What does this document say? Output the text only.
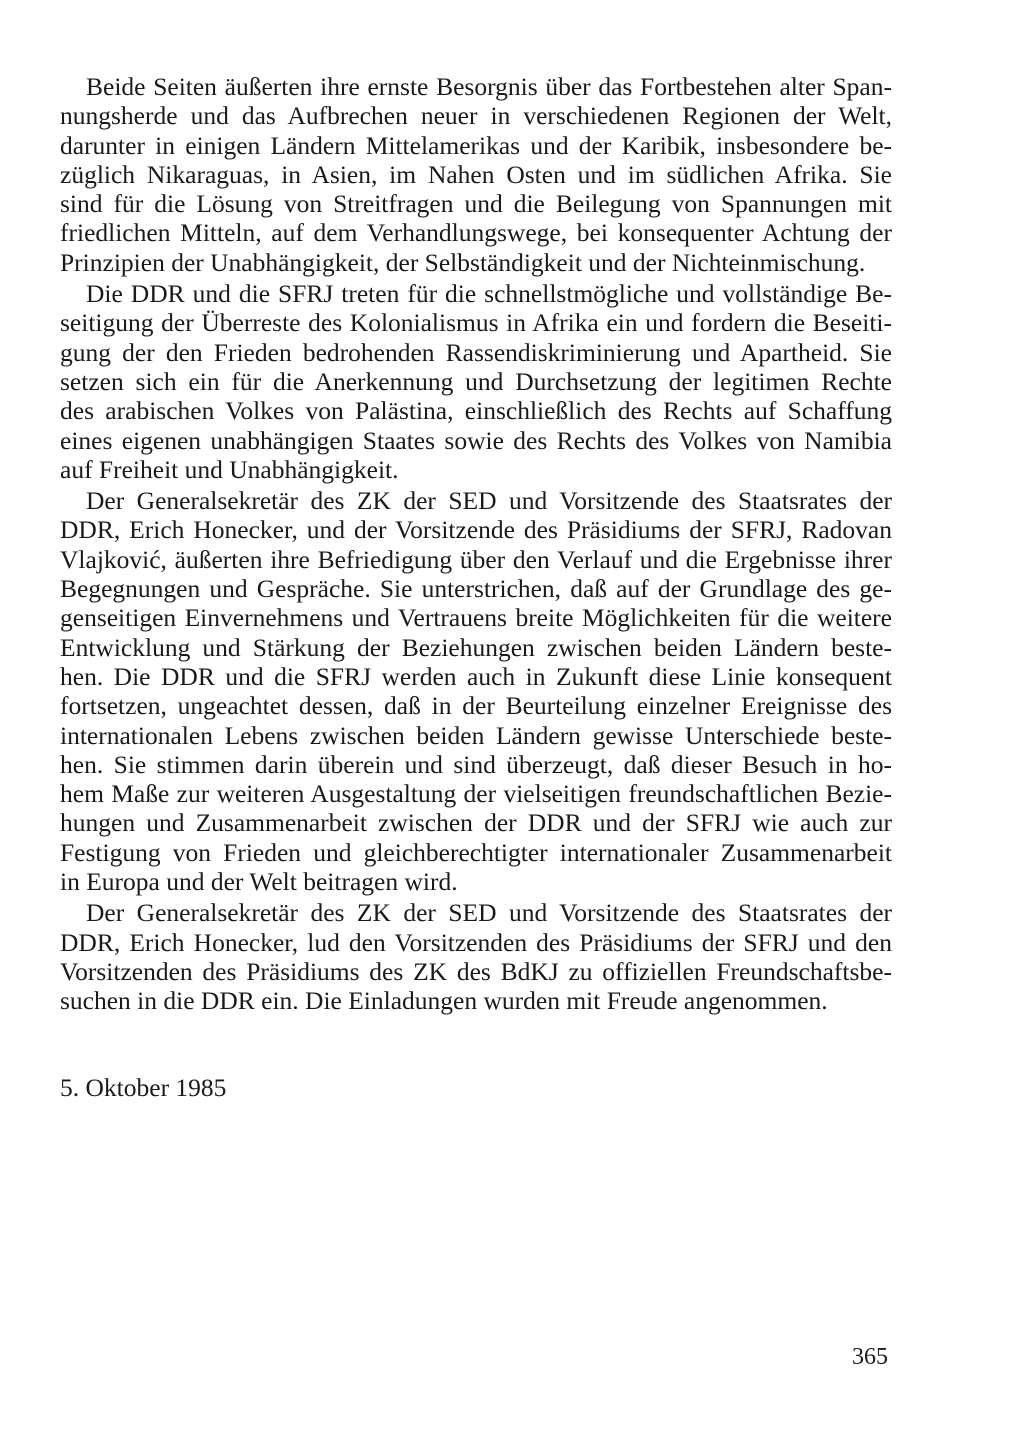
Beide Seiten äußerten ihre ernste Besorgnis über das Fortbestehen alter Span-
nungsherde und das Aufbrechen neuer in verschiedenen Regionen der Welt,
darunter in einigen Ländern Mittelamerikas und der Karibik, insbesondere be-
züglich Nikaraguas, in Asien, im Nahen Osten und im südlichen Afrika. Sie
sind für die Lösung von Streitfragen und die Beilegung von Spannungen mit
friedlichen Mitteln, auf dem Verhandlungswege, bei konsequenter Achtung der
Prinzipien der Unabhängigkeit, der Selbständigkeit und der Nichteinmischung.

Die DDR und die SFRJ treten für die schnellstmögliche und vollständige Be-
seitigung der Überreste des Kolonialismus in Afrika ein und fordern die Beseiti-
gung der den Frieden bedrohenden Rassendiskriminierung und Apartheid. Sie
setzen sich ein für die Anerkennung und Durchsetzung der legitimen Rechte
des arabischen Volkes von Palästina, einschließlich des Rechts auf Schaffung
eines eigenen unabhängigen Staates sowie des Rechts des Volkes von Namibia
auf Freiheit und Unabhängigkeit.

Der Generalsekretär des ZK der SED und Vorsitzende des Staatsrates der
DDR, Erich Honecker, und der Vorsitzende des Präsidiums der SFRJ, Radovan
Vlajković, äußerten ihre Befriedigung über den Verlauf und die Ergebnisse ihrer
Begegnungen und Gespräche. Sie unterstrichen, daß auf der Grundlage des ge-
genseitigen Einvernehmens und Vertrauens breite Möglichkeiten für die weitere
Entwicklung und Stärkung der Beziehungen zwischen beiden Ländern beste-
hen. Die DDR und die SFRJ werden auch in Zukunft diese Linie konsequent
fortsetzen, ungeachtet dessen, daß in der Beurteilung einzelner Ereignisse des
internationalen Lebens zwischen beiden Ländern gewisse Unterschiede beste-
hen. Sie stimmen darin überein und sind überzeugt, daß dieser Besuch in ho-
hem Maße zur weiteren Ausgestaltung der vielseitigen freundschaftlichen Bezie-
hungen und Zusammenarbeit zwischen der DDR und der SFRJ wie auch zur
Festigung von Frieden und gleichberechtigter internationaler Zusammenarbeit
in Europa und der Welt beitragen wird.

Der Generalsekretär des ZK der SED und Vorsitzende des Staatsrates der
DDR, Erich Honecker, lud den Vorsitzenden des Präsidiums der SFRJ und den
Vorsitzenden des Präsidiums des ZK des BdKJ zu offiziellen Freundschaftsbe-
suchen in die DDR ein. Die Einladungen wurden mit Freude angenommen.

5. Oktober 1985
365
